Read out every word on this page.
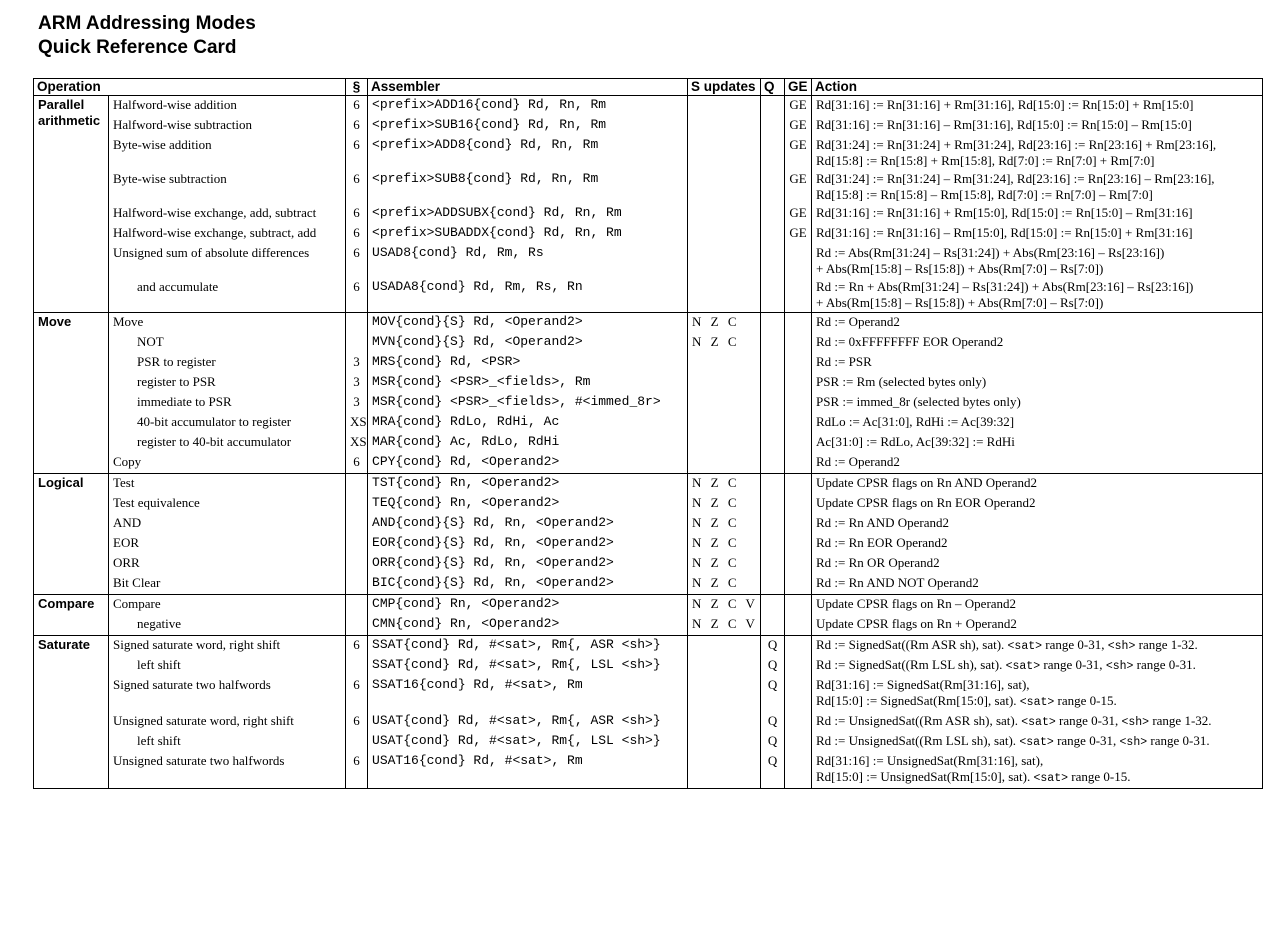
ARM Addressing Modes
Quick Reference Card
Operation		§	Assembler	S updates	Q	GE	Action
Parallel arithmetic	Halfword-wise addition	6	<prefix>ADD16{cond} Rd, Rn, Rm			GE	Rd[31:16] := Rn[31:16] + Rm[31:16], Rd[15:0] := Rn[15:0] + Rm[15:0]

	Halfword-wise subtraction	6	<prefix>SUB16{cond} Rd, Rn, Rm			GE	Rd[31:16] := Rn[31:16] – Rm[31:16], Rd[15:0] := Rn[15:0] – Rm[15:0]

	Byte-wise addition	6	<prefix>ADD8{cond} Rd, Rn, Rm			GE	Rd[31:24] := Rn[31:24] + Rm[31:24], Rd[23:16] := Rn[23:16] + Rm[23:16],
Rd[15:8] := Rn[15:8] + Rm[15:8], Rd[7:0] := Rn[7:0] + Rm[7:0]

	Byte-wise subtraction	6	<prefix>SUB8{cond} Rd, Rn, Rm			GE	Rd[31:24] := Rn[31:24] – Rm[31:24], Rd[23:16] := Rn[23:16] – Rm[23:16],
Rd[15:8] := Rn[15:8] – Rm[15:8], Rd[7:0] := Rn[7:0] – Rm[7:0]

	Halfword-wise exchange, add, subtract	6	<prefix>ADDSUBX{cond} Rd, Rn, Rm			GE	Rd[31:16] := Rn[31:16] + Rm[15:0], Rd[15:0] := Rn[15:0] – Rm[31:16]

	Halfword-wise exchange, subtract, add	6	<prefix>SUBADDX{cond} Rd, Rn, Rm			GE	Rd[31:16] := Rn[31:16] – Rm[15:0], Rd[15:0] := Rn[15:0] + Rm[31:16]

	Unsigned sum of absolute differences	6	USAD8{cond} Rd, Rm, Rs				Rd := Abs(Rm[31:24] – Rs[31:24]) + Abs(Rm[23:16] – Rs[23:16])
+ Abs(Rm[15:8] – Rs[15:8]) + Abs(Rm[7:0] – Rs[7:0])

	and accumulate	6	USADA8{cond} Rd, Rm, Rs, Rn				Rd := Rn + Abs(Rm[31:24] – Rs[31:24]) + Abs(Rm[23:16] – Rs[23:16])
+ Abs(Rm[15:8] – Rs[15:8]) + Abs(Rm[7:0] – Rs[7:0])

Move	Move		MOV{cond}{S} Rd, <Operand2>	N Z C			Rd := Operand2

	NOT		MVN{cond}{S} Rd, <Operand2>	N Z C			Rd := 0xFFFFFFFF EOR Operand2

	PSR to register	3	MRS{cond} Rd, <PSR>				Rd := PSR

	register to PSR	3	MSR{cond} <PSR>_<fields>, Rm				PSR := Rm (selected bytes only)

	immediate to PSR	3	MSR{cond} <PSR>_<fields>, #<immed_8r>				PSR := immed_8r (selected bytes only)

	40-bit accumulator to register	XS	MRA{cond} RdLo, RdHi, Ac				RdLo := Ac[31:0], RdHi := Ac[39:32]

	register to 40-bit accumulator	XS	MAR{cond} Ac, RdLo, RdHi				Ac[31:0] := RdLo, Ac[39:32] := RdHi

	Copy	6	CPY{cond} Rd, <Operand2>				Rd := Operand2

Logical	Test		TST{cond} Rn, <Operand2>	N Z C			Update CPSR flags on Rn AND Operand2

	Test equivalence		TEQ{cond} Rn, <Operand2>	N Z C			Update CPSR flags on Rn EOR Operand2

	AND		AND{cond}{S} Rd, Rn, <Operand2>	N Z C			Rd := Rn AND Operand2

	EOR		EOR{cond}{S} Rd, Rn, <Operand2>	N Z C			Rd := Rn EOR Operand2

	ORR		ORR{cond}{S} Rd, Rn, <Operand2>	N Z C			Rd := Rn OR Operand2

	Bit Clear		BIC{cond}{S} Rd, Rn, <Operand2>	N Z C			Rd := Rn AND NOT Operand2

Compare	Compare		CMP{cond} Rn, <Operand2>	N Z C V			Update CPSR flags on Rn – Operand2

	negative		CMN{cond} Rn, <Operand2>	N Z C V			Update CPSR flags on Rn + Operand2

Saturate	Signed saturate word, right shift	6	SSAT{cond} Rd, #<sat>, Rm{, ASR <sh>}		Q		Rd := SignedSat((Rm ASR sh), sat). <sat> range 0-31, <sh> range 1-32.

	left shift		SSAT{cond} Rd, #<sat>, Rm{, LSL <sh>}		Q		Rd := SignedSat((Rm LSL sh), sat). <sat> range 0-31, <sh> range 0-31.

	Signed saturate two halfwords	6	SSAT16{cond} Rd, #<sat>, Rm		Q		Rd[31:16] := SignedSat(Rm[31:16], sat),
Rd[15:0] := SignedSat(Rm[15:0], sat). <sat> range 0-15.

	Unsigned saturate word, right shift	6	USAT{cond} Rd, #<sat>, Rm{, ASR <sh>}		Q		Rd := UnsignedSat((Rm ASR sh), sat). <sat> range 0-31, <sh> range 1-32.

	left shift		USAT{cond} Rd, #<sat>, Rm{, LSL <sh>}		Q		Rd := UnsignedSat((Rm LSL sh), sat). <sat> range 0-31, <sh> range 0-31.

	Unsigned saturate two halfwords	6	USAT16{cond} Rd, #<sat>, Rm		Q		Rd[31:16] := UnsignedSat(Rm[31:16], sat),
Rd[15:0] := UnsignedSat(Rm[15:0], sat). <sat> range 0-15.
